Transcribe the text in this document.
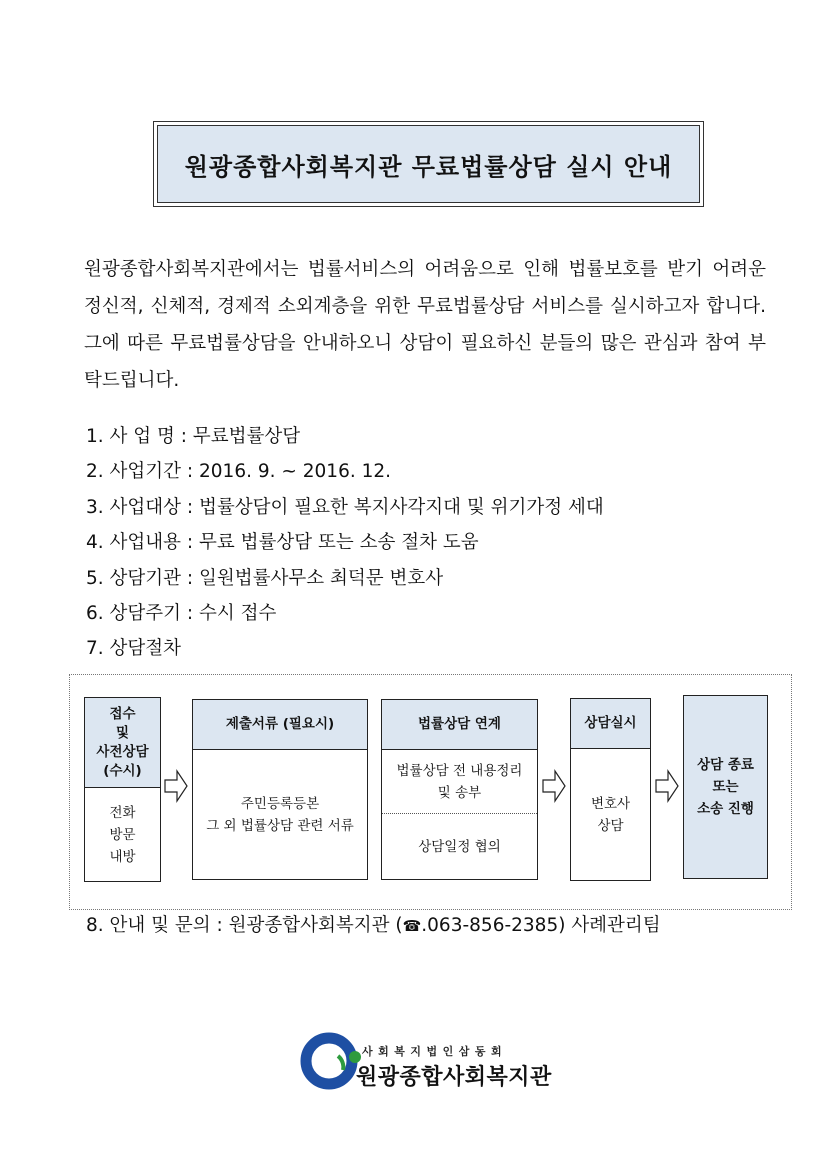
원광종합사회복지관 무료법률상담 실시 안내
원광종합사회복지관에서는 법률서비스의 어려움으로 인해 법률보호를 받기 어려운 정신적, 신체적, 경제적 소외계층을 위한 무료법률상담 서비스를 실시하고자 합니다. 그에 따른 무료법률상담을 안내하오니 상담이 필요하신 분들의 많은 관심과 참여 부탁드립니다.
1. 사 업 명 : 무료법률상담
2. 사업기간 : 2016. 9. ~ 2016. 12.
3. 사업대상 : 법률상담이 필요한 복지사각지대 및 위기가정 세대
4. 사업내용 : 무료 법률상담 또는 소송 절차 도움
5. 상담기관 : 일원법률사무소 최덕문 변호사
6. 상담주기 : 수시 접수
7. 상담절차
접수
및
사전상담
(수시)
전화
방문
내방
제출서류 (필요시)
주민등록등본
그 외 법률상담 관련 서류
법률상담 연계
법률상담 전 내용정리
및 송부
상담일정 협의
상담실시
변호사
상담
상담 종료
또는
소송 진행
8. 안내 및 문의 : 원광종합사회복지관 (☎.063-856-2385) 사례관리팀
사회복지법인삼동회
원광종합사회복지관
